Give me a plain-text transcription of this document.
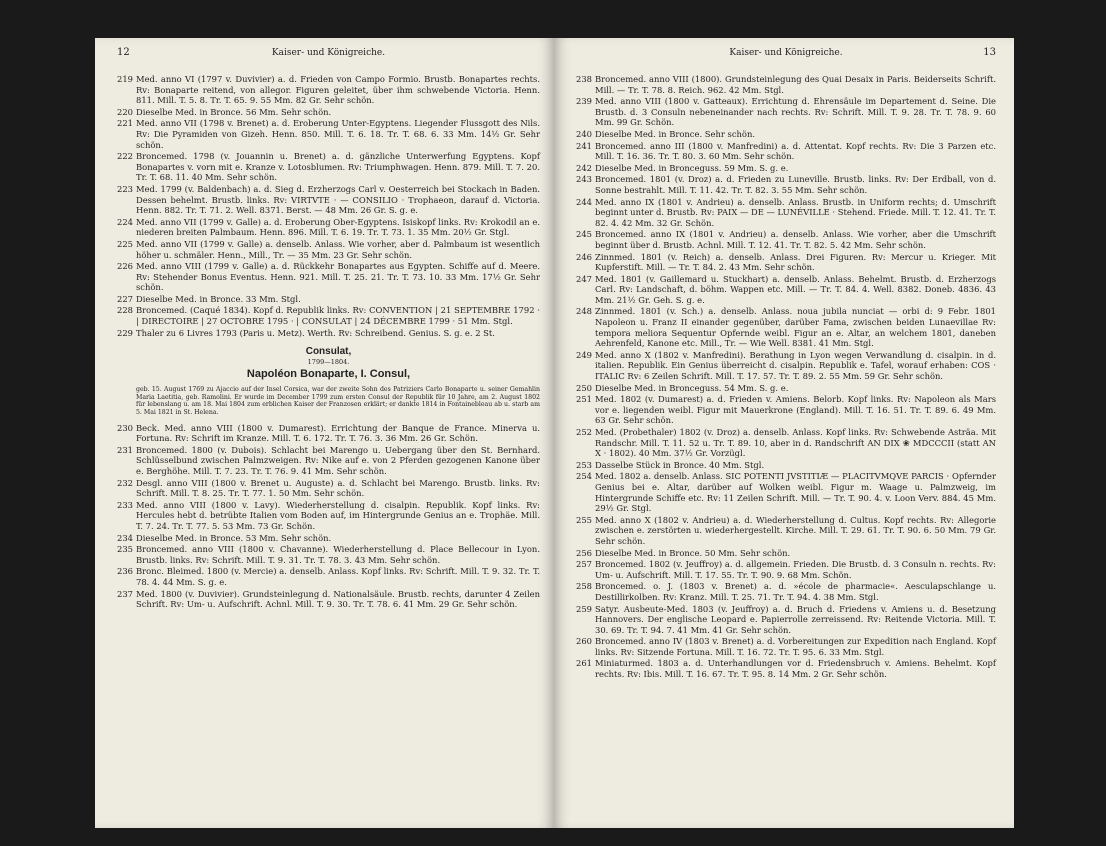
12	Kaiser- und Königreiche.
219 Med. anno VI (1797 v. Duvivier) a. d. Frieden von Campo Formio. Brustb. Bonapartes rechts. Rv: Bonaparte reitend, von allegor. Figuren geleitet, über ihm schwebende Victoria. Henn. 811. Mill. T. 5. 8. Tr. T. 65. 9. 55 Mm. 82 Gr. Sehr schön.
220 Dieselbe Med. in Bronce. 56 Mm. Sehr schön.
221 Med. anno VII (1798 v. Brenet) a. d. Eroberung Unter-Egyptens. Liegender Flussgott des Nils. Rv: Die Pyramiden von Gizeh. Henn. 850. Mill. T. 6. 18. Tr. T. 68. 6. 33 Mm. 14½ Gr. Sehr schön.
222 Broncemed. 1798 (v. Jouannin u. Brenet) a. d. gänzliche Unterwerfung Egyptens. Kopf Bonapartes v. vorn mit e. Kranze v. Lotosblumen. Rv: Triumphwagen. Henn. 879. Mill. T. 7. 20. Tr. T. 68. 11. 40 Mm. Sehr schön.
223 Med. 1799 (v. Baldenbach) a. d. Sieg d. Erzherzogs Carl v. Oesterreich bei Stockach in Baden. Dessen behelmt. Brustb. links. Rv: VIRTVTE · — CONSILIO · Trophaeon, darauf d. Victoria. Henn. 882. Tr. T. 71. 2. Well. 8371. Berst. — 48 Mm. 26 Gr. S. g. e.
224 Med. anno VII (1799 v. Galle) a. d. Eroberung Ober-Egyptens. Isiskopf links. Rv: Krokodil an e. niederen breiten Palmbaum. Henn. 896. Mill. T. 6. 19. Tr. T. 73. 1. 35 Mm. 20½ Gr. Stgl.
225 Med. anno VII (1799 v. Galle) a. denselb. Anlass. Wie vorher, aber d. Palmbaum ist wesentlich höher u. schmäler. Henn., Mill., Tr. — 35 Mm. 23 Gr. Sehr schön.
226 Med. anno VIII (1799 v. Galle) a. d. Rückkehr Bonapartes aus Egypten. Schiffe auf d. Meere. Rv: Stehender Bonus Eventus. Henn. 921. Mill. T. 25. 21. Tr. T. 73. 10. 33 Mm. 17½ Gr. Sehr schön.
227 Dieselbe Med. in Bronce. 33 Mm. Stgl.
228 Broncemed. (Caqué 1834). Kopf d. Republik links. Rv: CONVENTION | 21 SEPTEMBRE 1792 · | DIRECTOIRE | 27 OCTOBRE 1795 · | CONSULAT | 24 DÉCEMBRE 1799 · 51 Mm. Stgl.
229 Thaler zu 6 Livres 1793 (Paris u. Metz). Werth. Rv: Schreibend. Genius. S. g. e. 2 St.
Consulat,
1799—1804.
Napoléon Bonaparte, I. Consul,
geb. 15. August 1769 zu Ajaccio auf der Insel Corsica, war der zweite Sohn des Patriziers Carlo Bonaparte u. seiner Gemahlin Maria Laetitia, geb. Ramolini. Er wurde im December 1799 zum ersten Consul der Republik für 10 Jahre, am 2. August 1802 für lebenslang u. am 18. Mai 1804 zum erblichen Kaiser der Franzosen erklärt; er dankte 1814 in Fontainebleau ab u. starb am 5. Mai 1821 in St. Helena.
230 Beck. Med. anno VIII (1800 v. Dumarest). Errichtung der Banque de France. Minerva u. Fortuna. Rv: Schrift im Kranze. Mill. T. 6. 172. Tr. T. 76. 3. 36 Mm. 26 Gr. Schön.
231 Broncemed. 1800 (v. Dubois). Schlacht bei Marengo u. Uebergang über den St. Bernhard. Schlüsselbund zwischen Palmzweigen. Rv: Nike auf e. von 2 Pferden gezogenen Kanone über e. Berghöhe. Mill. T. 7. 23. Tr. T. 76. 9. 41 Mm. Sehr schön.
232 Desgl. anno VIII (1800 v. Brenet u. Auguste) a. d. Schlacht bei Marengo. Brustb. links. Rv: Schrift. Mill. T. 8. 25. Tr. T. 77. 1. 50 Mm. Sehr schön.
233 Med. anno VIII (1800 v. Lavy). Wiederherstellung d. cisalpin. Republik. Kopf links. Rv: Hercules hebt d. betrübte Italien vom Boden auf, im Hintergrunde Genius an e. Trophäe. Mill. T. 7. 24. Tr. T. 77. 5. 53 Mm. 73 Gr. Schön.
234 Dieselbe Med. in Bronce. 53 Mm. Sehr schön.
235 Broncemed. anno VIII (1800 v. Chavanne). Wiederherstellung d. Place Bellecour in Lyon. Brustb. links. Rv: Schrift. Mill. T. 9. 31. Tr. T. 78. 3. 43 Mm. Sehr schön.
236 Bronc. Bleimed. 1800 (v. Mercie) a. denselb. Anlass. Kopf links. Rv: Schrift. Mill. T. 9. 32. Tr. T. 78. 4. 44 Mm. S. g. e.
237 Med. 1800 (v. Duvivier). Grundsteinlegung d. Nationalsäule. Brustb. rechts, darunter 4 Zeilen Schrift. Rv: Um- u. Aufschrift. Achnl. Mill. T. 9. 30. Tr. T. 78. 6. 41 Mm. 29 Gr. Sehr schön.
Kaiser- und Königreiche.	13
238 Broncemed. anno VIII (1800). Grundsteinlegung des Quai Desaix in Paris. Beiderseits Schrift. Mill. — Tr. T. 78. 8. Reich. 962. 42 Mm. Stgl.
239 Med. anno VIII (1800 v. Gatteaux). Errichtung d. Ehrensäule im Departement d. Seine. Die Brustb. d. 3 Consuln nebeneinander nach rechts. Rv: Schrift. Mill. T. 9. 28. Tr. T. 78. 9. 60 Mm. 99 Gr. Schön.
240 Dieselbe Med. in Bronce. Sehr schön.
241 Broncemed. anno III (1800 v. Manfredini) a. d. Attentat. Kopf rechts. Rv: Die 3 Parzen etc. Mill. T. 16. 36. Tr. T. 80. 3. 60 Mm. Sehr schön.
242 Dieselbe Med. in Bronceguss. 59 Mm. S. g. e.
243 Broncemed. 1801 (v. Droz) a. d. Frieden zu Luneville. Brustb. links. Rv: Der Erdball, von d. Sonne bestrahlt. Mill. T. 11. 42. Tr. T. 82. 3. 55 Mm. Sehr schön.
244 Med. anno IX (1801 v. Andrieu) a. denselb. Anlass. Brustb. in Uniform rechts; d. Umschrift beginnt unter d. Brustb. Rv: PAIX — DE — LUNÉVILLE · Stehend. Friede. Mill. T. 12. 41. Tr. T. 82. 4. 42 Mm. 32 Gr. Schön.
245 Broncemed. anno IX (1801 v. Andrieu) a. denselb. Anlass. Wie vorher, aber die Umschrift beginnt über d. Brustb. Achnl. Mill. T. 12. 41. Tr. T. 82. 5. 42 Mm. Sehr schön.
246 Zinnmed. 1801 (v. Reich) a. denselb. Anlass. Drei Figuren. Rv: Mercur u. Krieger. Mit Kupferstift. Mill. — Tr. T. 84. 2. 43 Mm. Sehr schön.
247 Med. 1801 (v. Gaillemard u. Stuckhart) a. denselb. Anlass. Behelmt. Brustb. d. Erzherzogs Carl. Rv: Landschaft, d. böhm. Wappen etc. Mill. — Tr. T. 84. 4. Well. 8382. Doneb. 4836. 43 Mm. 21½ Gr. Geh. S. g. e.
248 Zinnmed. 1801 (v. Sch.) a. denselb. Anlass. noua jubila nunciat — orbi d: 9 Febr. 1801 Napoleon u. Franz II einander gegenüber, darüber Fama, zwischen beiden Lunaevillae Rv: tempora meliora Sequentur Opfernde weibl. Figur an e. Altar, an welchem 1801, daneben Aehrenfeld, Kanone etc. Mill., Tr. — Wie Well. 8381. 41 Mm. Stgl.
249 Med. anno X (1802 v. Manfredini). Berathung in Lyon wegen Verwandlung d. cisalpin. in d. italien. Republik. Ein Genius überreicht d. cisalpin. Republik e. Tafel, worauf erhaben: COS · ITALIC Rv: 6 Zeilen Schrift. Mill. T. 17. 57. Tr. T. 89. 2. 55 Mm. 59 Gr. Sehr schön.
250 Dieselbe Med. in Bronceguss. 54 Mm. S. g. e.
251 Med. 1802 (v. Dumarest) a. d. Frieden v. Amiens. Belorb. Kopf links. Rv: Napoleon als Mars vor e. liegenden weibl. Figur mit Mauerkrone (England). Mill. T. 16. 51. Tr. T. 89. 6. 49 Mm. 63 Gr. Sehr schön.
252 Med. (Probethaler) 1802 (v. Droz) a. denselb. Anlass. Kopf links. Rv: Schwebende Asträa. Mit Randschr. Mill. T. 11. 52 u. Tr. T. 89. 10, aber in d. Randschrift AN DIX ❀ MDCCCII (statt AN X · 1802). 40 Mm. 37½ Gr. Vorzügl.
253 Dasselbe Stück in Bronce. 40 Mm. Stgl.
254 Med. 1802 a. denselb. Anlass. SIC POTENTI JVSTITIÆ — PLACITVMQVE PARCIS · Opfernder Genius bei e. Altar, darüber auf Wolken weibl. Figur m. Waage u. Palmzweig, im Hintergrunde Schiffe etc. Rv: 11 Zeilen Schrift. Mill. — Tr. T. 90. 4. v. Loon Verv. 884. 45 Mm. 29½ Gr. Stgl.
255 Med. anno X (1802 v. Andrieu) a. d. Wiederherstellung d. Cultus. Kopf rechts. Rv: Allegorie zwischen e. zerstörten u. wiederhergestellt. Kirche. Mill. T. 29. 61. Tr. T. 90. 6. 50 Mm. 79 Gr. Sehr schön.
256 Dieselbe Med. in Bronce. 50 Mm. Sehr schön.
257 Broncemed. 1802 (v. Jeuffroy) a. d. allgemein. Frieden. Die Brustb. d. 3 Consuln n. rechts. Rv: Um- u. Aufschrift. Mill. T. 17. 55. Tr. T. 90. 9. 68 Mm. Schön.
258 Broncemed. o. J. (1803 v. Brenet) a. d. »école de pharmacie«. Aesculapschlange u. Destillirkolben. Rv: Kranz. Mill. T. 25. 71. Tr. T. 94. 4. 38 Mm. Stgl.
259 Satyr. Ausbeute-Med. 1803 (v. Jeuffroy) a. d. Bruch d. Friedens v. Amiens u. d. Besetzung Hannovers. Der englische Leopard e. Papierrolle zerreissend. Rv: Reitende Victoria. Mill. T. 30. 69. Tr. T. 94. 7. 41 Mm. 41 Gr. Sehr schön.
260 Broncemed. anno IV (1803 v. Brenet) a. d. Vorbereitungen zur Expedition nach England. Kopf links. Rv: Sitzende Fortuna. Mill. T. 16. 72. Tr. T. 95. 6. 33 Mm. Stgl.
261 Miniaturmed. 1803 a. d. Unterhandlungen vor d. Friedensbruch v. Amiens. Behelmt. Kopf rechts. Rv: Ibis. Mill. T. 16. 67. Tr. T. 95. 8. 14 Mm. 2 Gr. Sehr schön.
